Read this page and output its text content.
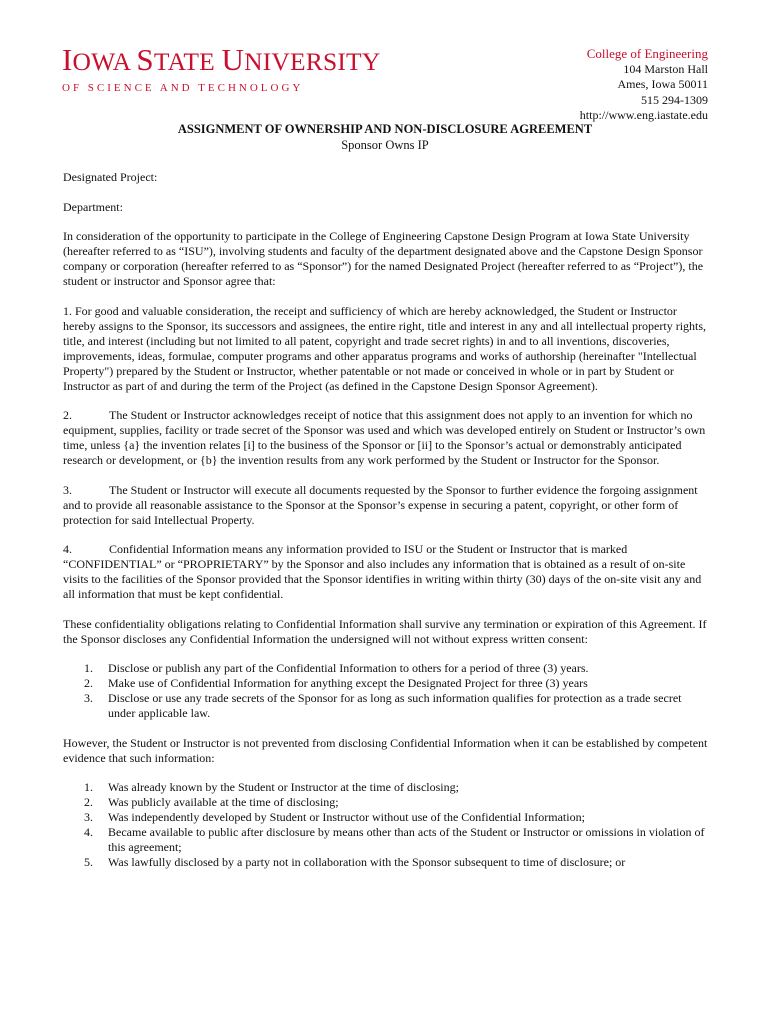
IOWA STATE UNIVERSITY
OF SCIENCE AND TECHNOLOGY
College of Engineering
104 Marston Hall
Ames, Iowa 50011
515 294-1309
http://www.eng.iastate.edu
ASSIGNMENT OF OWNERSHIP AND NON-DISCLOSURE AGREEMENT
Sponsor Owns IP

Designated Project:

Department:

In consideration of the opportunity to participate in the College of Engineering Capstone Design Program at Iowa State University (hereafter referred to as “ISU”), involving students and faculty of the department designated above and the Capstone Design Sponsor company or corporation (hereafter referred to as “Sponsor”) for the named Designated Project (hereafter referred to as “Project”), the student or instructor and Sponsor agree that:

1. For good and valuable consideration, the receipt and sufficiency of which are hereby acknowledged, the Student or Instructor hereby assigns to the Sponsor, its successors and assignees, the entire right, title and interest in any and all intellectual property rights, title, and interest (including but not limited to all patent, copyright and trade secret rights) in and to all inventions, discoveries, improvements, ideas, formulae, computer programs and other apparatus programs and works of authorship (hereinafter "Intellectual Property") prepared by the Student or Instructor, whether patentable or not made or conceived in whole or in part by Student or Instructor as part of and during the term of the Project (as defined in the Capstone Design Sponsor Agreement).

2.	The Student or Instructor acknowledges receipt of notice that this assignment does not apply to an invention for which no equipment, supplies, facility or trade secret of the Sponsor was used and which was developed entirely on Student or Instructor’s own time, unless {a} the invention relates [i] to the business of the Sponsor or [ii] to the Sponsor’s actual or demonstrably anticipated research or development, or {b} the invention results from any work performed by the Student or Instructor for the Sponsor.

3.	The Student or Instructor will execute all documents requested by the Sponsor to further evidence the forgoing assignment and to provide all reasonable assistance to the Sponsor at the Sponsor’s expense in securing a patent, copyright, or other form of protection for said Intellectual Property.

4.	Confidential Information means any information provided to ISU or the Student or Instructor that is marked “CONFIDENTIAL” or “PROPRIETARY” by the Sponsor and also includes any information that is obtained as a result of on-site visits to the facilities of the Sponsor provided that the Sponsor identifies in writing within thirty (30) days of the on-site visit any and all information that must be kept confidential.

These confidentiality obligations relating to Confidential Information shall survive any termination or expiration of this Agreement. If the Sponsor discloses any Confidential Information the undersigned will not without express written consent:

1. Disclose or publish any part of the Confidential Information to others for a period of three (3) years.
2. Make use of Confidential Information for anything except the Designated Project for three (3) years
3. Disclose or use any trade secrets of the Sponsor for as long as such information qualifies for protection as a trade secret under applicable law.

However, the Student or Instructor is not prevented from disclosing Confidential Information when it can be established by competent evidence that such information:

1. Was already known by the Student or Instructor at the time of disclosing;
2. Was publicly available at the time of disclosing;
3. Was independently developed by Student or Instructor without use of the Confidential Information;
4. Became available to public after disclosure by means other than acts of the Student or Instructor or omissions in violation of this agreement;
5. Was lawfully disclosed by a party not in collaboration with the Sponsor subsequent to time of disclosure; or
